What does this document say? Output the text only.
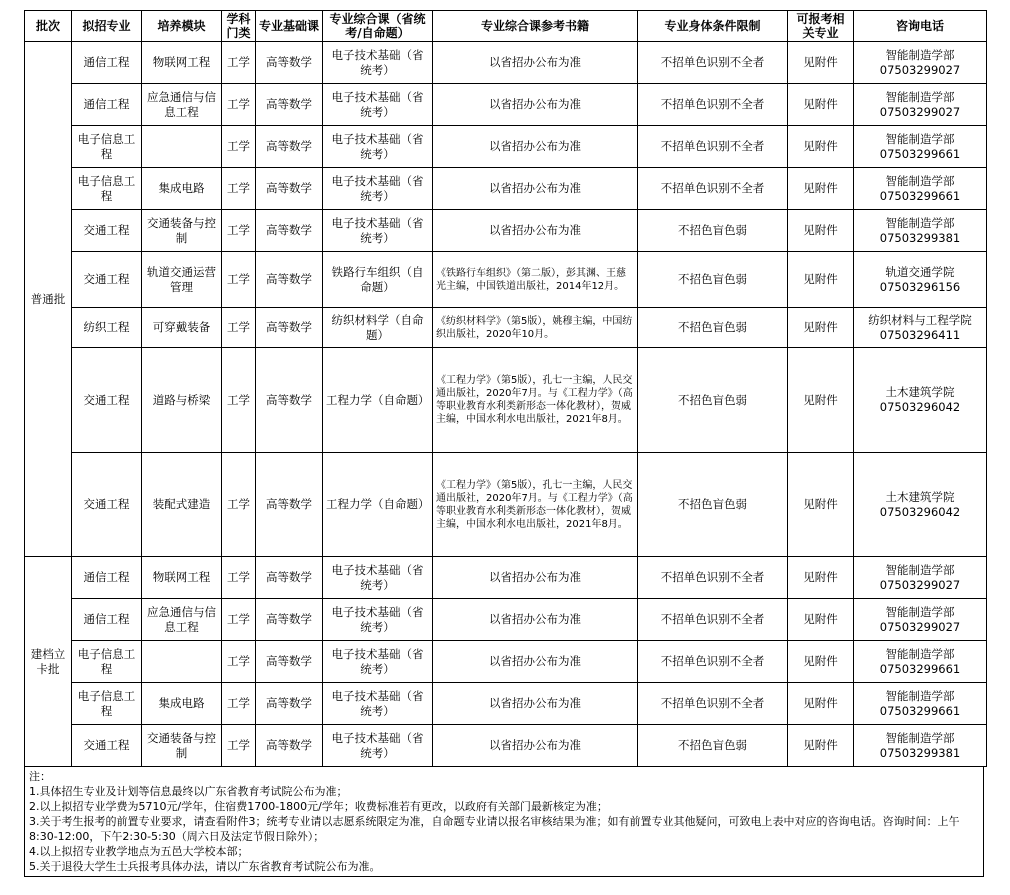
批次	拟招专业	培养模块	学科门类	专业基础课	专业综合课（省统考/自命题）	专业综合课参考书籍	专业身体条件限制	可报考相关专业	咨询电话
普通批	通信工程	物联网工程	工学	高等数学	电子技术基础（省统考）	以省招办公布为准	不招单色识别不全者	见附件	智能制造学部07503299027
	通信工程	应急通信与信息工程	工学	高等数学	电子技术基础（省统考）	以省招办公布为准	不招单色识别不全者	见附件	智能制造学部07503299027
	电子信息工程		工学	高等数学	电子技术基础（省统考）	以省招办公布为准	不招单色识别不全者	见附件	智能制造学部07503299661
	电子信息工程	集成电路	工学	高等数学	电子技术基础（省统考）	以省招办公布为准	不招单色识别不全者	见附件	智能制造学部07503299661
	交通工程	交通装备与控制	工学	高等数学	电子技术基础（省统考）	以省招办公布为准	不招色盲色弱	见附件	智能制造学部07503299381
	交通工程	轨道交通运营管理	工学	高等数学	铁路行车组织（自命题）	《铁路行车组织》（第二版），彭其渊、王慈光主编，中国铁道出版社，2014年12月。	不招色盲色弱	见附件	轨道交通学院07503296156
	纺织工程	可穿戴装备	工学	高等数学	纺织材料学（自命题）	《纺织材料学》（第5版），姚穆主编，中国纺织出版社，2020年10月。	不招色盲色弱	见附件	纺织材料与工程学院07503296411
	交通工程	道路与桥梁	工学	高等数学	工程力学（自命题）	《工程力学》（第5版），孔七一主编，人民交通出版社，2020年7月。与《工程力学》（高等职业教育水利类新形态一体化教材），贺威主编，中国水利水电出版社，2021年8月。	不招色盲色弱	见附件	土木建筑学院07503296042
	交通工程	装配式建造	工学	高等数学	工程力学（自命题）	《工程力学》（第5版），孔七一主编，人民交通出版社，2020年7月。与《工程力学》（高等职业教育水利类新形态一体化教材），贺威主编，中国水利水电出版社，2021年8月。	不招色盲色弱	见附件	土木建筑学院07503296042
建档立卡批	通信工程	物联网工程	工学	高等数学	电子技术基础（省统考）	以省招办公布为准	不招单色识别不全者	见附件	智能制造学部07503299027
	通信工程	应急通信与信息工程	工学	高等数学	电子技术基础（省统考）	以省招办公布为准	不招单色识别不全者	见附件	智能制造学部07503299027
	电子信息工程		工学	高等数学	电子技术基础（省统考）	以省招办公布为准	不招单色识别不全者	见附件	智能制造学部07503299661
	电子信息工程	集成电路	工学	高等数学	电子技术基础（省统考）	以省招办公布为准	不招单色识别不全者	见附件	智能制造学部07503299661
	交通工程	交通装备与控制	工学	高等数学	电子技术基础（省统考）	以省招办公布为准	不招色盲色弱	见附件	智能制造学部07503299381
注：
1.具体招生专业及计划等信息最终以广东省教育考试院公布为准；
2.以上拟招专业学费为5710元/学年，住宿费1700-1800元/学年；收费标准若有更改，以政府有关部门最新核定为准；
3.关于考生报考的前置专业要求，请查看附件3；统考专业请以志愿系统限定为准，自命题专业请以报名审核结果为准；如有前置专业其他疑问，可致电上表中对应的咨询电话。咨询时间：上午8:30-12:00，下午2:30-5:30（周六日及法定节假日除外）；
4.以上拟招专业教学地点为五邑大学校本部；
5.关于退役大学生士兵报考具体办法，请以广东省教育考试院公布为准。
